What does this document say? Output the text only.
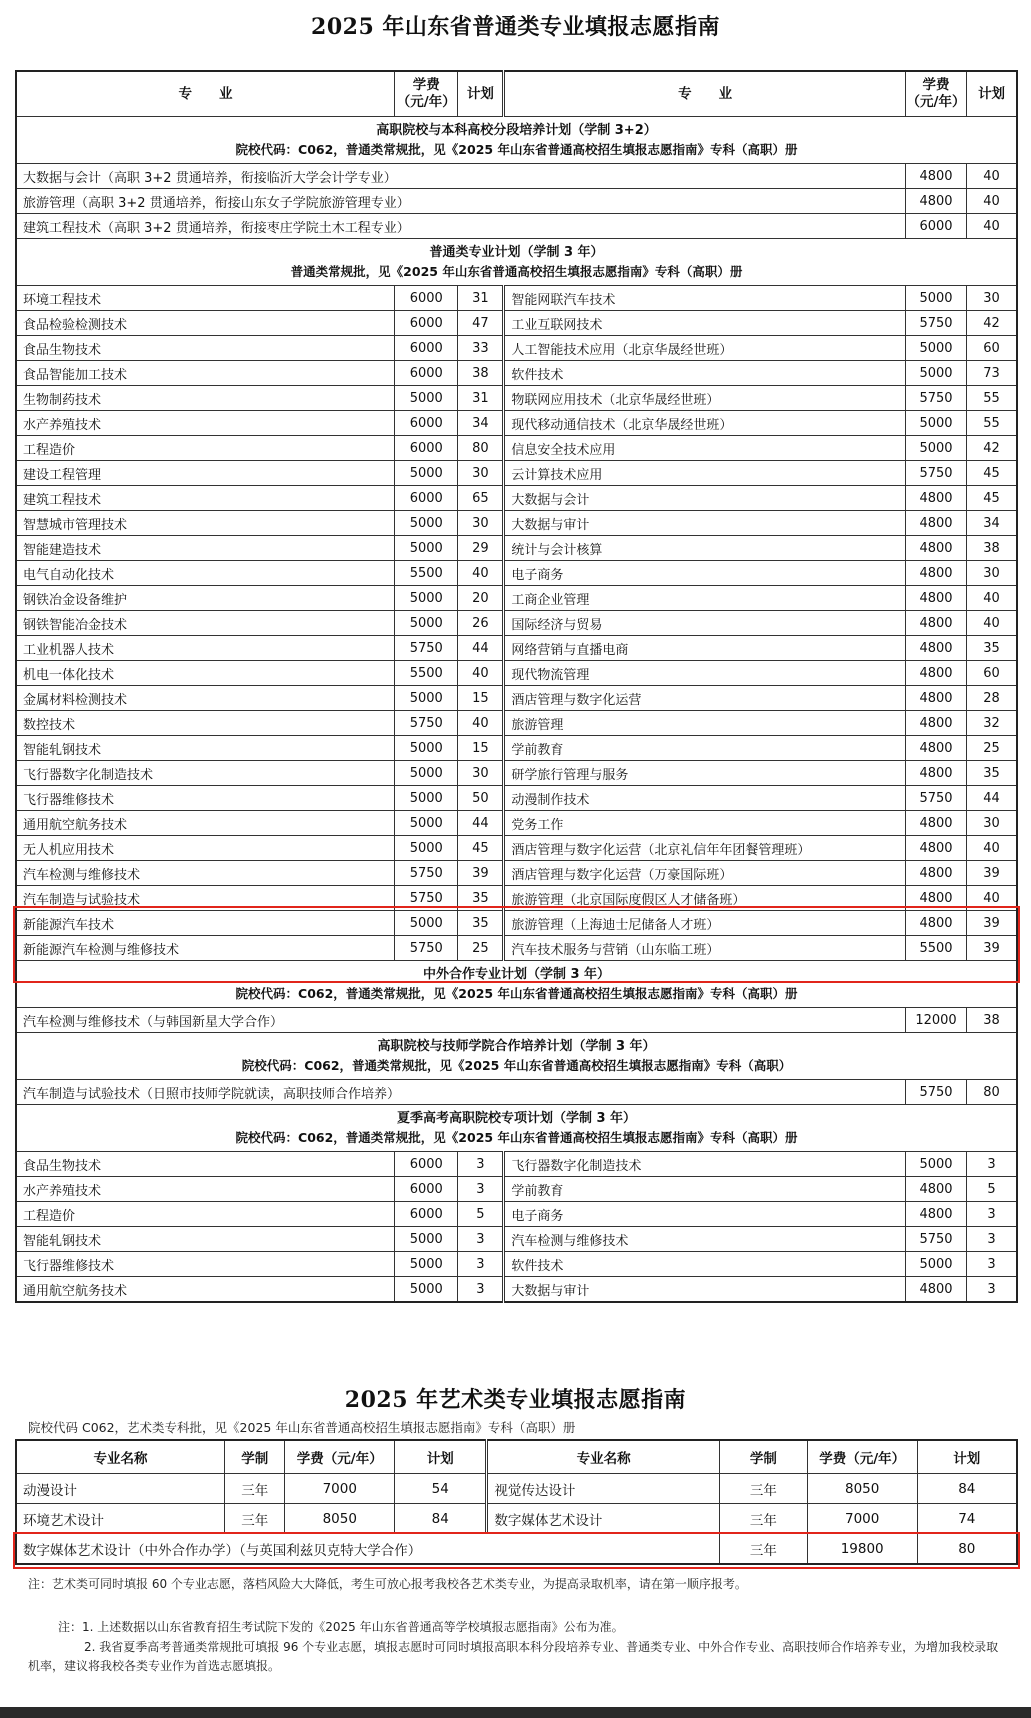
2025 年山东省普通类专业填报志愿指南
专　　业	学费
（元/年）	计划	专　　业	学费
（元/年）	计划

高职院校与本科高校分段培养计划（学制 3+2）
院校代码：C062，普通类常规批，见《2025 年山东省普通高校招生填报志愿指南》专科（高职）册					

大数据与会计（高职 3+2 贯通培养，衔接临沂大学会计学专业）				4800	40
旅游管理（高职 3+2 贯通培养，衔接山东女子学院旅游管理专业）				4800	40
建筑工程技术（高职 3+2 贯通培养，衔接枣庄学院土木工程专业）				6000	40

普通类专业计划（学制 3 年）
普通类常规批，见《2025 年山东省普通高校招生填报志愿指南》专科（高职）册					

环境工程技术	6000	31	智能网联汽车技术	5000	30
食品检验检测技术	6000	47	工业互联网技术	5750	42
食品生物技术	6000	33	人工智能技术应用（北京华晟经世班）	5000	60
食品智能加工技术	6000	38	软件技术	5000	73
生物制药技术	5000	31	物联网应用技术（北京华晟经世班）	5750	55
水产养殖技术	6000	34	现代移动通信技术（北京华晟经世班）	5000	55
工程造价	6000	80	信息安全技术应用	5000	42
建设工程管理	5000	30	云计算技术应用	5750	45
建筑工程技术	6000	65	大数据与会计	4800	45
智慧城市管理技术	5000	30	大数据与审计	4800	34
智能建造技术	5000	29	统计与会计核算	4800	38
电气自动化技术	5500	40	电子商务	4800	30
钢铁冶金设备维护	5000	20	工商企业管理	4800	40
钢铁智能冶金技术	5000	26	国际经济与贸易	4800	40
工业机器人技术	5750	44	网络营销与直播电商	4800	35
机电一体化技术	5500	40	现代物流管理	4800	60
金属材料检测技术	5000	15	酒店管理与数字化运营	4800	28
数控技术	5750	40	旅游管理	4800	32
智能轧钢技术	5000	15	学前教育	4800	25
飞行器数字化制造技术	5000	30	研学旅行管理与服务	4800	35
飞行器维修技术	5000	50	动漫制作技术	5750	44
通用航空航务技术	5000	44	党务工作	4800	30
无人机应用技术	5000	45	酒店管理与数字化运营（北京礼信年年团餐管理班）	4800	40
汽车检测与维修技术	5750	39	酒店管理与数字化运营（万豪国际班）	4800	39
汽车制造与试验技术	5750	35	旅游管理（北京国际度假区人才储备班）	4800	40
新能源汽车技术	5000	35	旅游管理（上海迪士尼储备人才班）	4800	39
新能源汽车检测与维修技术	5750	25	汽车技术服务与营销（山东临工班）	5500	39

中外合作专业计划（学制 3 年）
院校代码：C062，普通类常规批，见《2025 年山东省普通高校招生填报志愿指南》专科（高职）册					

汽车检测与维修技术（与韩国新星大学合作）				12000	38

高职院校与技师学院合作培养计划（学制 3 年）
院校代码：C062，普通类常规批，见《2025 年山东省普通高校招生填报志愿指南》专科（高职）					

汽车制造与试验技术（日照市技师学院就读，高职技师合作培养）				5750	80

夏季高考高职院校专项计划（学制 3 年）
院校代码：C062，普通类常规批，见《2025 年山东省普通高校招生填报志愿指南》专科（高职）册					

食品生物技术	6000	3	飞行器数字化制造技术	5000	3
水产养殖技术	6000	3	学前教育	4800	5
工程造价	6000	5	电子商务	4800	3
智能轧钢技术	5000	3	汽车检测与维修技术	5750	3
飞行器维修技术	5000	3	软件技术	5000	3
通用航空航务技术	5000	3	大数据与审计	4800	3
2025 年艺术类专业填报志愿指南
院校代码 C062，艺术类专科批，见《2025 年山东省普通高校招生填报志愿指南》专科（高职）册
专业名称	学制	学费（元/年）	计划	专业名称	学制	学费（元/年）	计划
动漫设计	三年	7000	54	视觉传达设计	三年	8050	84
环境艺术设计	三年	8050	84	数字媒体艺术设计	三年	7000	74
数字媒体艺术设计（中外合作办学）（与英国利兹贝克特大学合作）					三年	19800	80
注：艺术类可同时填报 60 个专业志愿，落档风险大大降低，考生可放心报考我校各艺术类专业，为提高录取机率，请在第一顺序报考。
注：1. 上述数据以山东省教育招生考试院下发的《2025 年山东省普通高等学校填报志愿指南》公布为准。
2. 我省夏季高考普通类常规批可填报 96 个专业志愿，填报志愿时可同时填报高职本科分段培养专业、普通类专业、中外合作专业、高职技师合作培养专业，为增加我校录取机率，建议将我校各类专业作为首选志愿填报。
